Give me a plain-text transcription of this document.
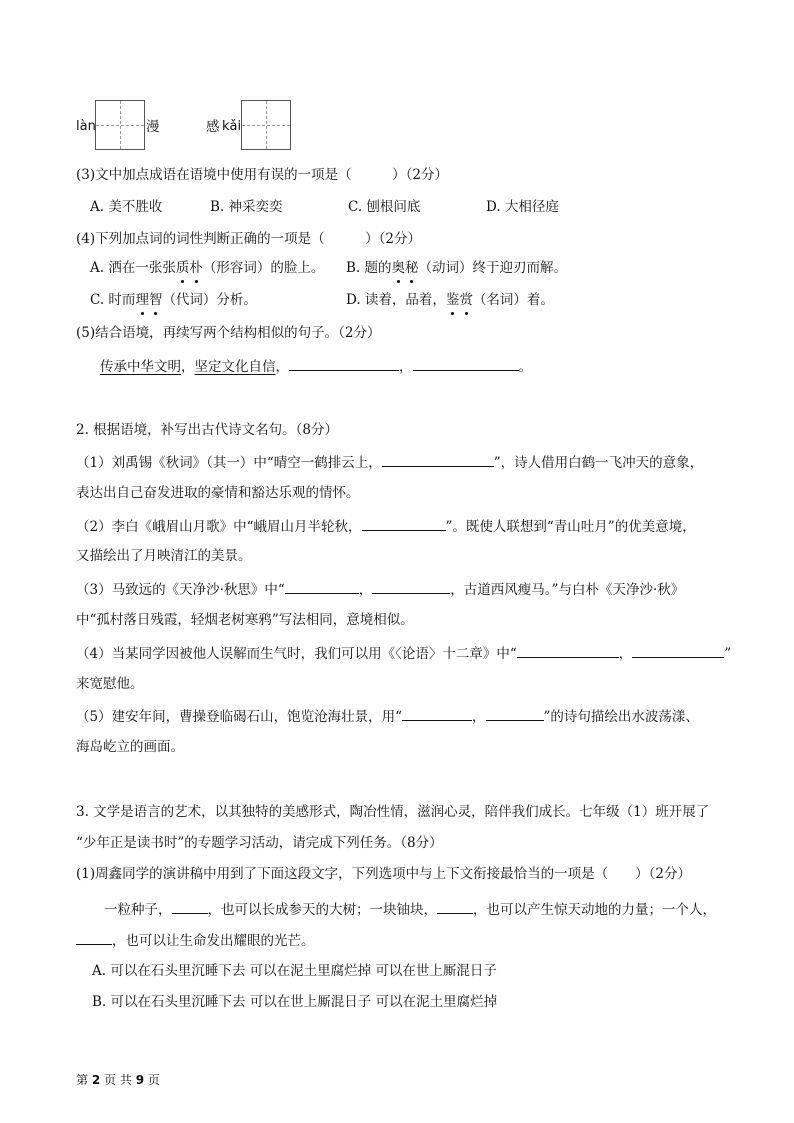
làn	漫	感 kǎi
(3)文中加点成语在语境中使用有误的一项是（　　　）（2分）
A. 美不胜收	B. 神采奕奕	C. 刨根问底	D. 大相径庭
(4)下列加点词的词性判断正确的一项是（　　　）（2分）
A. 洒在一张张质朴（形容词）的脸上。 B. 题的奥秘（动词）终于迎刃而解。
C. 时而理智（代词）分析。	D. 读着，品着，鉴赏（名词）着。
(5)结合语境，再续写两个结构相似的句子。（2分）
传承中华文明，坚定文化自信，	，	。
2. 根据语境，补写出古代诗文名句。（8分）
（1）刘禹锡《秋词》（其一）中“晴空一鹤排云上，	”，诗人借用白鹤一飞冲天的意象，
表达出自己奋发进取的豪情和豁达乐观的情怀。
（2）李白《峨眉山月歌》中“峨眉山月半轮秋，	”。既使人联想到“青山吐月”的优美意境，
又描绘出了月映清江的美景。
（3）马致远的《天净沙·秋思》中“	，	，古道西风瘦马。”与白朴《天净沙·秋》
中“孤村落日残霞，轻烟老树寒鸦”写法相同，意境相似。
（4）当某同学因被他人误解而生气时，我们可以用《〈论语〉十二章》中“	，	”
来宽慰他。
（5）建安年间，曹操登临碣石山，饱览沧海壮景，用“	，	”的诗句描绘出水波荡漾、
海岛屹立的画面。
3. 文学是语言的艺术，以其独特的美感形式，陶冶性情，滋润心灵，陪伴我们成长。七年级（1）班开展了
“少年正是读书时”的专题学习活动，请完成下列任务。（8分）
(1)周鑫同学的演讲稿中用到了下面这段文字，下列选项中与上下文衔接最恰当的一项是（　　）（2分）
一粒种子，	，也可以长成参天的大树；一块铀块，	，也可以产生惊天动地的力量；一个人，
，也可以让生命发出耀眼的光芒。
A. 可以在石头里沉睡下去 可以在泥土里腐烂掉 可以在世上厮混日子
B. 可以在石头里沉睡下去 可以在世上厮混日子 可以在泥土里腐烂掉
第 2 页 共 9 页
